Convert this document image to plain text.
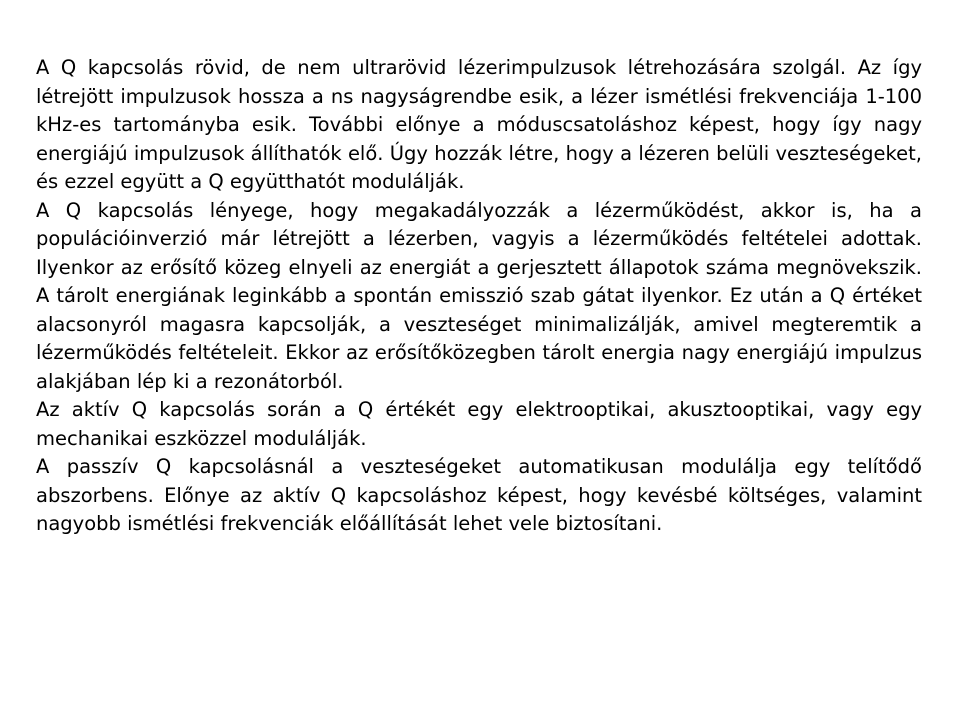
A Q kapcsolás rövid, de nem ultrarövid lézerimpulzusok létrehozására szolgál. Az így létrejött impulzusok hossza a ns nagyságrendbe esik, a lézer ismétlési frekvenciája 1-100 kHz-es tartományba esik. További előnye a móduscsatoláshoz képest, hogy így nagy energiájú impulzusok állíthatók elő. Úgy hozzák létre, hogy a lézeren belüli veszteségeket, és ezzel együtt a Q együtthatót modulálják.

A Q kapcsolás lényege, hogy megakadályozzák a lézerműködést, akkor is, ha a populációinverzió már létrejött a lézerben, vagyis a lézerműködés feltételei adottak. Ilyenkor az erősítő közeg elnyeli az energiát a gerjesztett állapotok száma megnövekszik. A tárolt energiának leginkább a spontán emisszió szab gátat ilyenkor. Ez után a Q értéket alacsonyról magasra kapcsolják, a veszteséget minimalizálják, amivel megteremtik a lézerműködés feltételeit. Ekkor az erősítőközegben tárolt energia nagy energiájú impulzus alakjában lép ki a rezonátorból.

Az aktív Q kapcsolás során a Q értékét egy elektrooptikai, akusztooptikai, vagy egy mechanikai eszközzel modulálják.

A passzív Q kapcsolásnál a veszteségeket automatikusan modulálja egy telítődő abszorbens. Előnye az aktív Q kapcsoláshoz képest, hogy kevésbé költséges, valamint nagyobb ismétlési frekvenciák előállítását lehet vele biztosítani.
